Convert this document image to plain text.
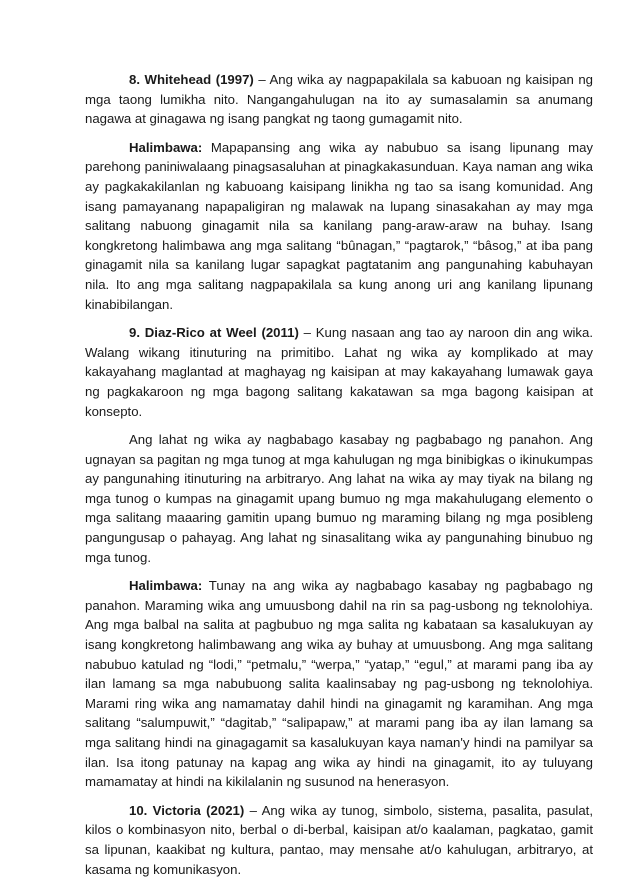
8. Whitehead (1997) – Ang wika ay nagpapakilala sa kabuoan ng kaisipan ng mga taong lumikha nito. Nangangahulugan na ito ay sumasalamin sa anumang nagawa at ginagawa ng isang pangkat ng taong gumagamit nito.

Halimbawa: Mapapansing ang wika ay nabubuo sa isang lipunang may parehong paniniwalaang pinagsasaluhan at pinagkakasunduan. Kaya naman ang wika ay pagkakakilanlan ng kabuoang kaisipang linikha ng tao sa isang komunidad. Ang isang pamayanang napapaligiran ng malawak na lupang sinasakahan ay may mga salitang nabuong ginagamit nila sa kanilang pang-araw-araw na buhay. Isang kongkretong halimbawa ang mga salitang “bûnagan,” “pagtarok,” “bâsog,” at iba pang ginagamit nila sa kanilang lugar sapagkat pagtatanim ang pangunahing kabuhayan nila. Ito ang mga salitang nagpapakilala sa kung anong uri ang kanilang lipunang kinabibilangan.

9. Diaz-Rico at Weel (2011) – Kung nasaan ang tao ay naroon din ang wika. Walang wikang itinuturing na primitibo. Lahat ng wika ay komplikado at may kakayahang maglantad at maghayag ng kaisipan at may kakayahang lumawak gaya ng pagkakaroon ng mga bagong salitang kakatawan sa mga bagong kaisipan at konsepto.

Ang lahat ng wika ay nagbabago kasabay ng pagbabago ng panahon. Ang ugnayan sa pagitan ng mga tunog at mga kahulugan ng mga binibigkas o ikinukumpas ay pangunahing itinuturing na arbitraryo. Ang lahat na wika ay may tiyak na bilang ng mga tunog o kumpas na ginagamit upang bumuo ng mga makahulugang elemento o mga salitang maaaring gamitin upang bumuo ng maraming bilang ng mga posibleng pangungusap o pahayag. Ang lahat ng sinasalitang wika ay pangunahing binubuo ng mga tunog.

Halimbawa: Tunay na ang wika ay nagbabago kasabay ng pagbabago ng panahon. Maraming wika ang umuusbong dahil na rin sa pag-usbong ng teknolohiya. Ang mga balbal na salita at pagbubuo ng mga salita ng kabataan sa kasalukuyan ay isang kongkretong halimbawang ang wika ay buhay at umuusbong. Ang mga salitang nabubuo katulad ng “lodi,” “petmalu,” “werpa,” “yatap,” “egul,” at marami pang iba ay ilan lamang sa mga nabubuong salita kaalinsabay ng pag-usbong ng teknolohiya. Marami ring wika ang namamatay dahil hindi na ginagamit ng karamihan. Ang mga salitang “salumpuwit,” “dagitab,” “salipapaw,” at marami pang iba ay ilan lamang sa mga salitang hindi na ginagagamit sa kasalukuyan kaya naman'y hindi na pamilyar sa ilan. Isa itong patunay na kapag ang wika ay hindi na ginagamit, ito ay tuluyang mamamatay at hindi na kikilalanin ng susunod na henerasyon.

10. Victoria (2021) – Ang wika ay tunog, simbolo, sistema, pasalita, pasulat, kilos o kombinasyon nito, berbal o di-berbal, kaisipan at/o kaalaman, pagkatao, gamit sa lipunan, kaakibat ng kultura, pantao, may mensahe at/o kahulugan, arbitraryo, at kasama ng komunikasyon.
